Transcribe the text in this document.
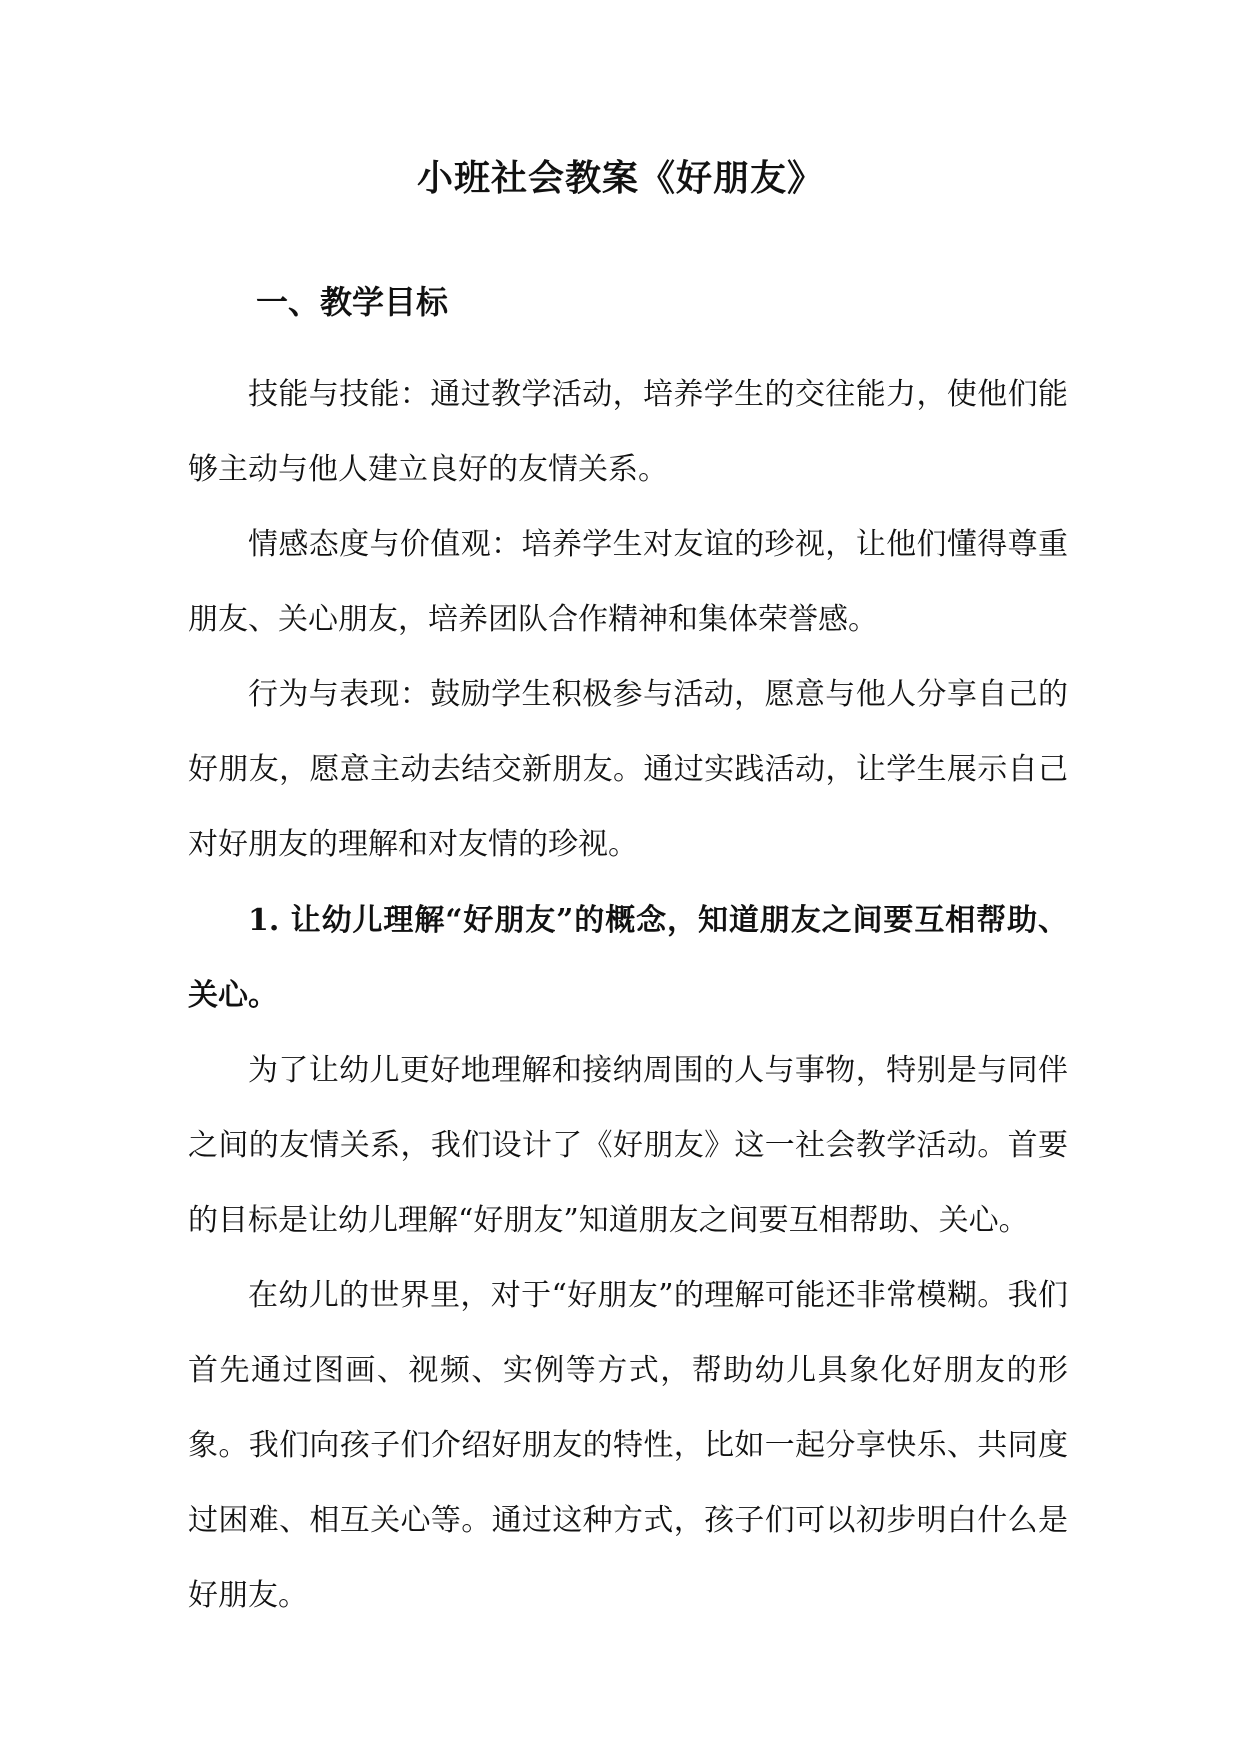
小班社会教案《好朋友》
一、教学目标

技能与技能：通过教学活动，培养学生的交往能力，使他们能够主动与他人建立良好的友情关系。

情感态度与价值观：培养学生对友谊的珍视，让他们懂得尊重朋友、关心朋友，培养团队合作精神和集体荣誉感。

行为与表现：鼓励学生积极参与活动，愿意与他人分享自己的好朋友，愿意主动去结交新朋友。通过实践活动，让学生展示自己对好朋友的理解和对友情的珍视。

1. 让幼儿理解“好朋友”的概念，知道朋友之间要互相帮助、关心。

为了让幼儿更好地理解和接纳周围的人与事物，特别是与同伴之间的友情关系，我们设计了《好朋友》这一社会教学活动。首要的目标是让幼儿理解“好朋友”知道朋友之间要互相帮助、关心。

在幼儿的世界里，对于“好朋友”的理解可能还非常模糊。我们首先通过图画、视频、实例等方式，帮助幼儿具象化好朋友的形象。我们向孩子们介绍好朋友的特性，比如一起分享快乐、共同度过困难、相互关心等。通过这种方式，孩子们可以初步明白什么是好朋友。
